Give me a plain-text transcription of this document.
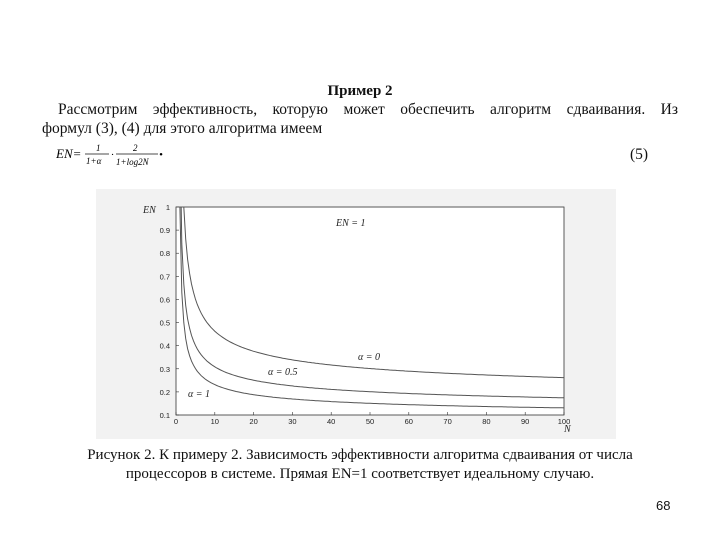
Пример 2
Рассмотрим эффективность, которую может обеспечить алгоритм сдваивания. Из
формул (3), (4) для этого алгоритма имеем
EN= 1
1+α ·
2
1+log2N
•	(5)
EN
N
EN = 1
α = 0
α = 0.5
α = 1
0	10	20	30	40	50	60	70	80	90	100
0.1
0.2
0.3
0.4
0.5
0.6
0.7
0.8
0.9
1
Рисунок 2. К примеру 2. Зависимость эффективности алгоритма сдваивания от числа
процессоров в системе. Прямая EN=1 соответствует идеальному случаю.
68
